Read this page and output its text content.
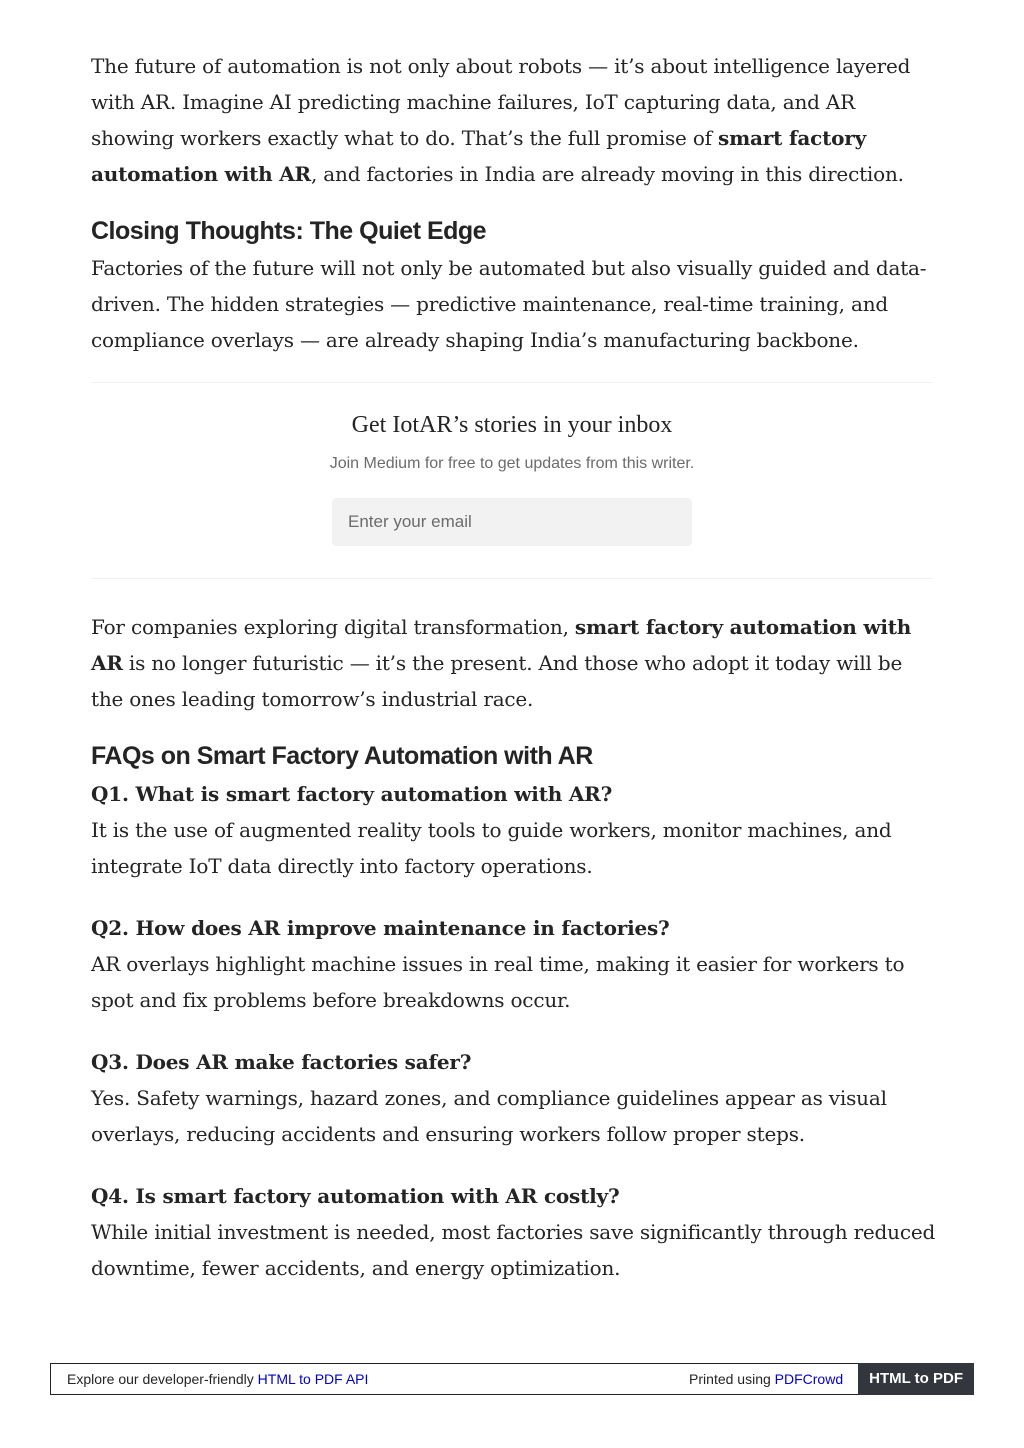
The future of automation is not only about robots — it’s about intelligence layered with AR. Imagine AI predicting machine failures, IoT capturing data, and AR showing workers exactly what to do. That’s the full promise of smart factory automation with AR, and factories in India are already moving in this direction.

Closing Thoughts: The Quiet Edge

Factories of the future will not only be automated but also visually guided and data-driven. The hidden strategies — predictive maintenance, real-time training, and compliance overlays — are already shaping India’s manufacturing backbone.

Get IotAR’s stories in your inbox
Join Medium for free to get updates from this writer.
Enter your email

For companies exploring digital transformation, smart factory automation with AR is no longer futuristic — it’s the present. And those who adopt it today will be the ones leading tomorrow’s industrial race.

FAQs on Smart Factory Automation with AR
Q1. What is smart factory automation with AR?

It is the use of augmented reality tools to guide workers, monitor machines, and integrate IoT data directly into factory operations.

Q2. How does AR improve maintenance in factories?

AR overlays highlight machine issues in real time, making it easier for workers to spot and fix problems before breakdowns occur.

Q3. Does AR make factories safer?

Yes. Safety warnings, hazard zones, and compliance guidelines appear as visual overlays, reducing accidents and ensuring workers follow proper steps.

Q4. Is smart factory automation with AR costly?

While initial investment is needed, most factories save significantly through reduced downtime, fewer accidents, and energy optimization.

Explore our developer-friendly HTML to PDF API	Printed using PDFCrowd	HTML to PDF
